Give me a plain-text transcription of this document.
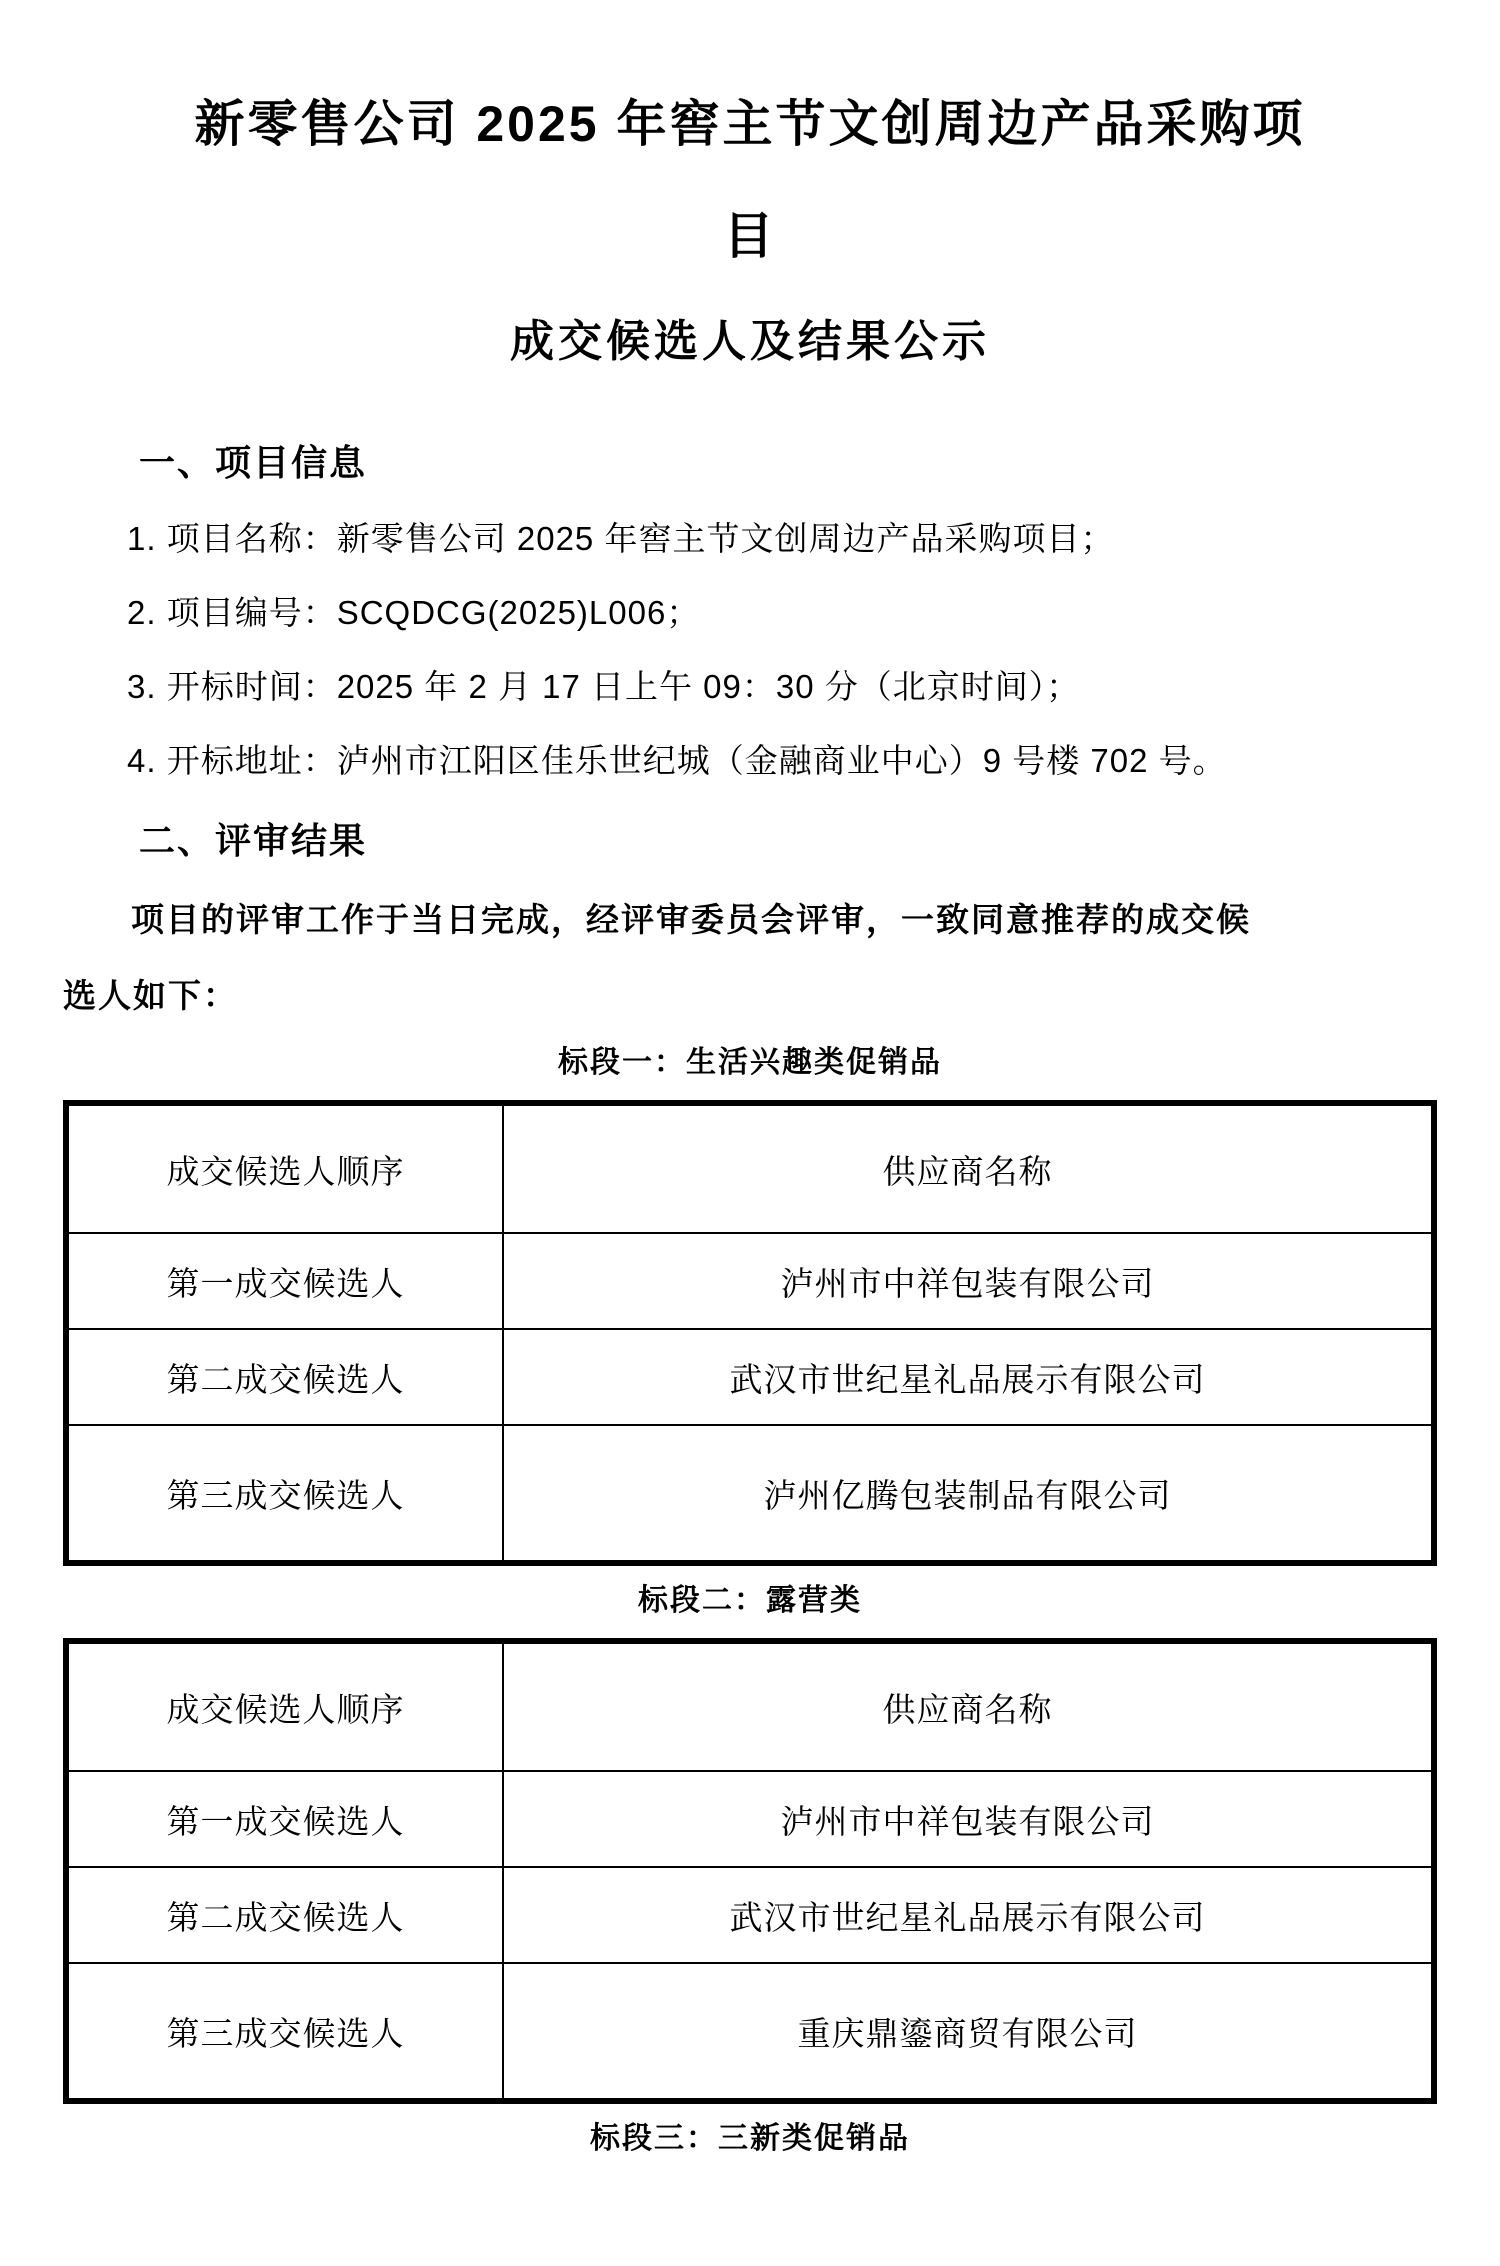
新零售公司 2025 年窖主节文创周边产品采购项
目
成交候选人及结果公示
一、项目信息
1. 项目名称：新零售公司 2025 年窖主节文创周边产品采购项目；
2. 项目编号：SCQDCG(2025)L006；
3. 开标时间：2025 年 2 月 17 日上午 09：30 分（北京时间）；
4. 开标地址：泸州市江阳区佳乐世纪城（金融商业中心）9 号楼 702 号。
二、评审结果
项目的评审工作于当日完成，经评审委员会评审，一致同意推荐的成交候
选人如下：
标段一：生活兴趣类促销品
成交候选人顺序	供应商名称
第一成交候选人	泸州市中祥包装有限公司
第二成交候选人	武汉市世纪星礼品展示有限公司
第三成交候选人	泸州亿腾包装制品有限公司
标段二：露营类
成交候选人顺序	供应商名称
第一成交候选人	泸州市中祥包装有限公司
第二成交候选人	武汉市世纪星礼品展示有限公司
第三成交候选人	重庆鼎鎏商贸有限公司
标段三：三新类促销品
